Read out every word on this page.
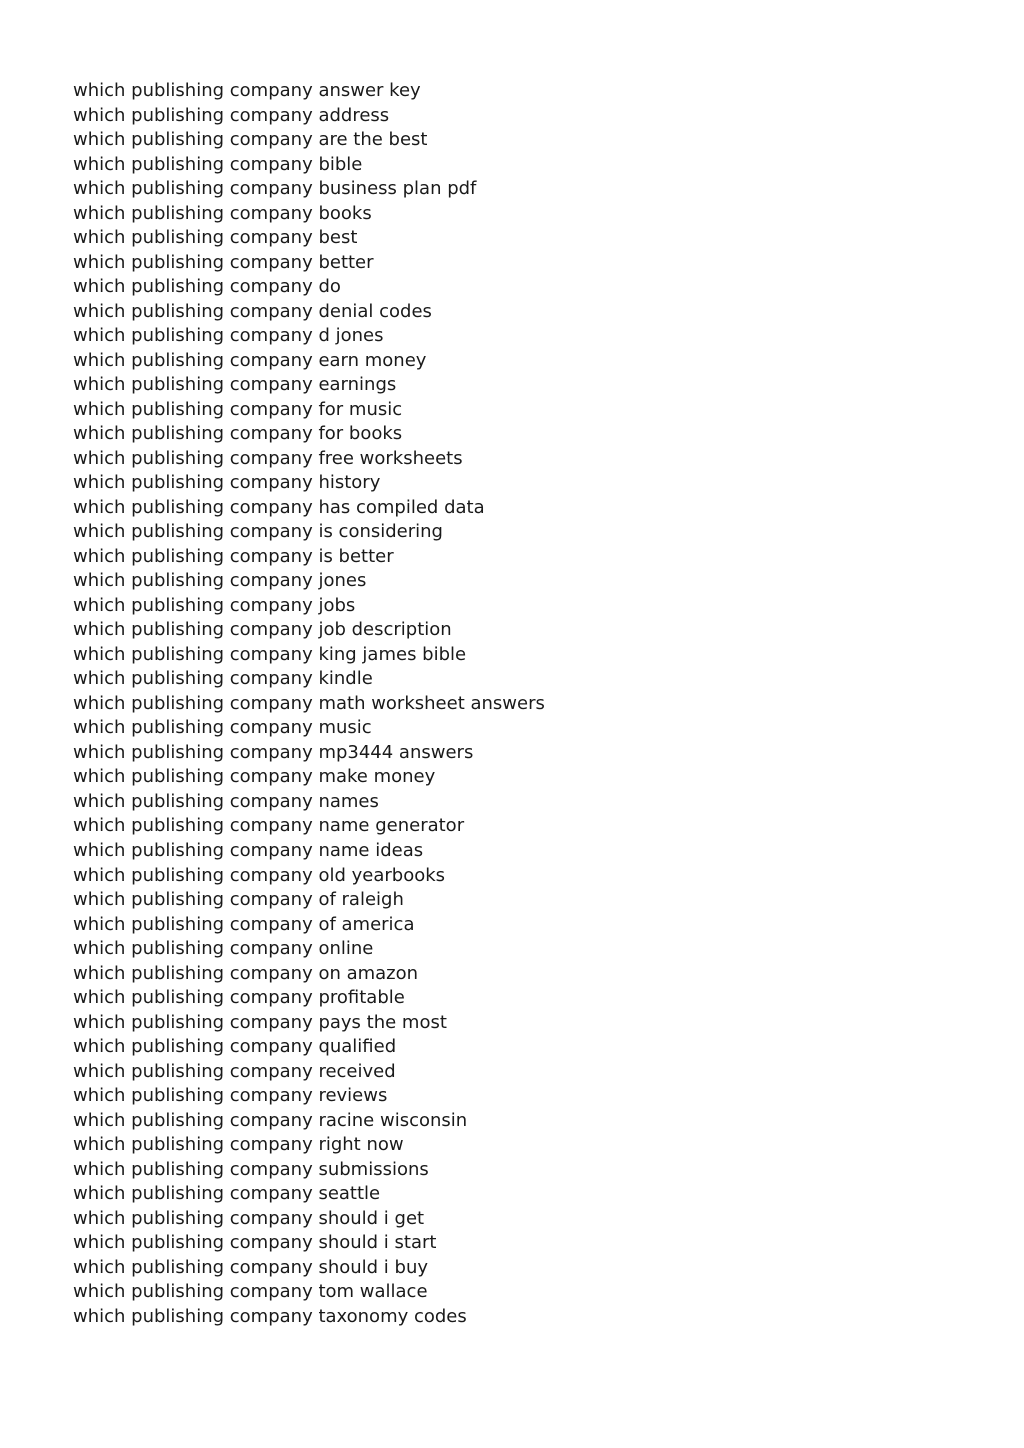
which publishing company answer key
which publishing company address
which publishing company are the best
which publishing company bible
which publishing company business plan pdf
which publishing company books
which publishing company best
which publishing company better
which publishing company do
which publishing company denial codes
which publishing company d jones
which publishing company earn money
which publishing company earnings
which publishing company for music
which publishing company for books
which publishing company free worksheets
which publishing company history
which publishing company has compiled data
which publishing company is considering
which publishing company is better
which publishing company jones
which publishing company jobs
which publishing company job description
which publishing company king james bible
which publishing company kindle
which publishing company math worksheet answers
which publishing company music
which publishing company mp3444 answers
which publishing company make money
which publishing company names
which publishing company name generator
which publishing company name ideas
which publishing company old yearbooks
which publishing company of raleigh
which publishing company of america
which publishing company online
which publishing company on amazon
which publishing company profitable
which publishing company pays the most
which publishing company qualified
which publishing company received
which publishing company reviews
which publishing company racine wisconsin
which publishing company right now
which publishing company submissions
which publishing company seattle
which publishing company should i get
which publishing company should i start
which publishing company should i buy
which publishing company tom wallace
which publishing company taxonomy codes
